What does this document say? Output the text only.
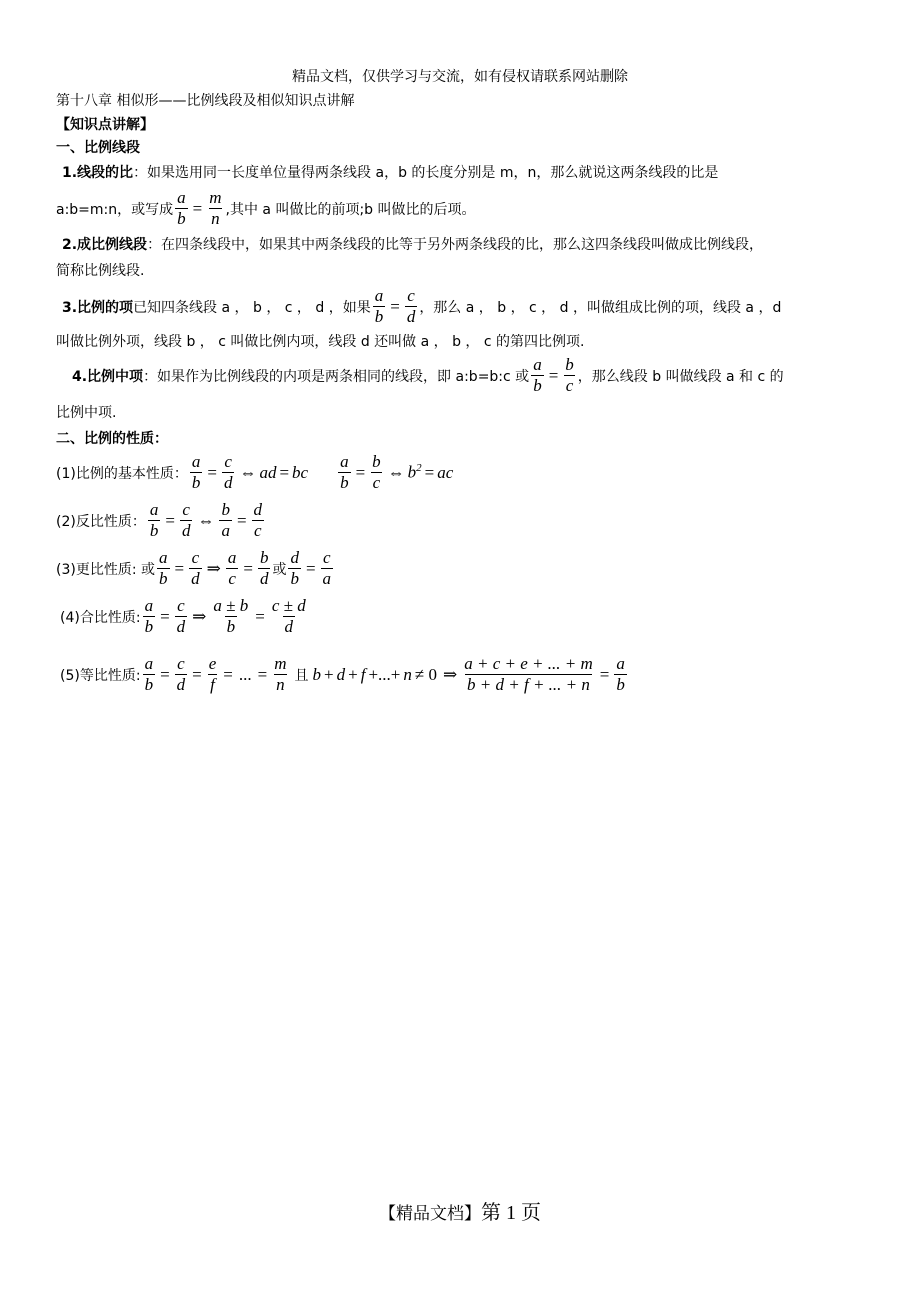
精品文档，仅供学习与交流，如有侵权请联系网站删除
第十八章 相似形——比例线段及相似知识点讲解
【知识点讲解】
一、比例线段
1.线段的比：如果选用同一长度单位量得两条线段 a，b 的长度分别是 m，n，那么就说这两条线段的比是
a:b=m:n，或写成 $\frac{a}{b} = \frac{m}{n}$ ,其中 a 叫做比的前项;b 叫做比的后项。
2.成比例线段：在四条线段中，如果其中两条线段的比等于另外两条线段的比，那么这四条线段叫做成比例线段，
简称比例线段.
3.比例的项 已知四条线段 a ， b ， c ， d ，如果 $\frac{a}{b} = \frac{c}{d}$ ，那么 a ， b ， c ， d ，叫做组成比例的项，线段 a ，d
叫做比例外项，线段 b ， c 叫做比例内项，线段 d 还叫做 a ， b ， c 的第四比例项.
4.比例中项 ：如果作为比例线段的内项是两条相同的线段，即 a:b=b:c 或 $\frac{a}{b} = \frac{b}{c}$ ，那么线段 b 叫做线段 a 和 c 的
比例中项.
二、比例的性质：
(1)比例的基本性质： $\frac{a}{b} = \frac{c}{d}$ ⇔ ad = bc $\frac{a}{b} = \frac{b}{c}$ ⇔ $b^2$ = ac
(2)反比性质： $\frac{a}{b} = \frac{c}{d}$ ⇔ $\frac{b}{a} = \frac{d}{c}$
(3)更比性质: 或 $\frac{a}{b} = \frac{c}{d}$ ⇒ $\frac{a}{c} = \frac{b}{d}$ 或 $\frac{d}{b} = \frac{c}{a}$
(4)合比性质: $\frac{a}{b} = \frac{c}{d}$ ⇒ $\frac{a \pm b}{b} = \frac{c \pm d}{d}$
(5)等比性质: $\frac{a}{b} = \frac{c}{d} = \frac{e}{f}$ = ... = $\frac{m}{n}$ 且 b + d + f +...+ n ≠ 0 ⇒ $\frac{a + c + e + ... + m}{b + d + f + ... + n} = \frac{a}{b}$
【精品文档】第 1 页
